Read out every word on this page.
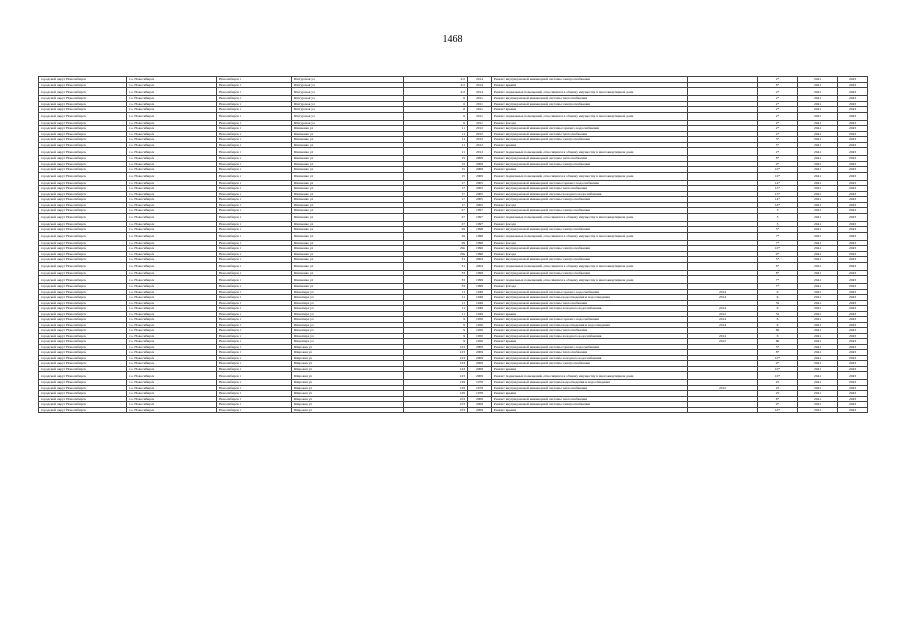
1468
городской округ Новосибирск	г.о. Новосибирск	Новосибирск г	Шатурская ул	2/2	2014	Ремонт внутридомовой инженерной системы электроснабжения		2*	2041	2043
городской округ Новосибирск	г.о. Новосибирск	Новосибирск г	Шатурская ул	2/2	2014	Ремонт крыши		6*	2041	2043
городской округ Новосибирск	г.о. Новосибирск	Новосибирск г	Шатурская ул	2/2	2014	Ремонт подвальных помещений, относящихся к общему имуществу в многоквартирном доме		4*	2041	2043
городской округ Новосибирск	г.о. Новосибирск	Новосибирск г	Шатурская ул	6	2011	Ремонт внутридомовой инженерной системы теплоснабжения		2*	2041	2043
городской округ Новосибирск	г.о. Новосибирск	Новосибирск г	Шатурская ул	6	2011	Ремонт внутридомовой инженерной системы электроснабжения		2*	2041	2043
городской округ Новосибирск	г.о. Новосибирск	Новосибирск г	Шатурская ул	6	2011	Ремонт крыши		2*	2041	2043
городской округ Новосибирск	г.о. Новосибирск	Новосибирск г	Шатурская ул	6	2011	Ремонт подвальных помещений, относящихся к общему имуществу в многоквартирном доме		2*	2041	2043
городской округ Новосибирск	г.о. Новосибирск	Новосибирск г	Шатурская ул	6	2011	Ремонт фасада		2*	2041	2043
городской округ Новосибирск	г.о. Новосибирск	Новосибирск г	Шевченко ул	11	2012	Ремонт внутридомовой инженерной системы горячего водоснабжения		2*	2041	2043
городской округ Новосибирск	г.о. Новосибирск	Новосибирск г	Шевченко ул	11	2012	Ремонт внутридомовой инженерной системы теплоснабжения		4*	2041	2043
городской округ Новосибирск	г.о. Новосибирск	Новосибирск г	Шевченко ул	11	2012	Ремонт внутридомовой инженерной системы электроснабжения		3*	2041	2043
городской округ Новосибирск	г.о. Новосибирск	Новосибирск г	Шевченко ул	11	2012	Ремонт крыши		5*	2041	2043
городской округ Новосибирск	г.о. Новосибирск	Новосибирск г	Шевченко ул	11	2012	Ремонт подвальных помещений, относящихся к общему имуществу в многоквартирном доме		2*	2041	2043
городской округ Новосибирск	г.о. Новосибирск	Новосибирск г	Шевченко ул	15	2009	Ремонт внутридомовой инженерной системы теплоснабжения		8*	2041	2043
городской округ Новосибирск	г.о. Новосибирск	Новосибирск г	Шевченко ул	15	2009	Ремонт внутридомовой инженерной системы электроснабжения		9*	2041	2043
городской округ Новосибирск	г.о. Новосибирск	Новосибирск г	Шевченко ул	15	2009	Ремонт крыши		10*	2041	2043
городской округ Новосибирск	г.о. Новосибирск	Новосибирск г	Шевченко ул	15	2009	Ремонт подвальных помещений, относящихся к общему имуществу в многоквартирном доме		10*	2041	2043
городской округ Новосибирск	г.о. Новосибирск	Новосибирск г	Шевченко ул	17	2005	Ремонт внутридомовой инженерной системы горячего водоснабжения		14*	2041	2043
городской округ Новосибирск	г.о. Новосибирск	Новосибирск г	Шевченко ул	17	2005	Ремонт внутридомовой инженерной системы теплоснабжения		15*	2041	2043
городской округ Новосибирск	г.о. Новосибирск	Новосибирск г	Шевченко ул	17	2005	Ремонт внутридомовой инженерной системы холодного водоснабжения		15*	2041	2043
городской округ Новосибирск	г.о. Новосибирск	Новосибирск г	Шевченко ул	17	2005	Ремонт внутридомовой инженерной системы электроснабжения		14*	2041	2043
городской округ Новосибирск	г.о. Новосибирск	Новосибирск г	Шевченко ул	17	2005	Ремонт фасада		16*	2041	2043
городской округ Новосибирск	г.о. Новосибирск	Новосибирск г	Шевченко ул	27	1997	Ремонт внутридомовой инженерной системы электроснабжения		3	2041	2043
городской округ Новосибирск	г.о. Новосибирск	Новосибирск г	Шевченко ул	27	1997	Ремонт подвальных помещений, относящихся к общему имуществу в многоквартирном доме		3	2041	2043
городской округ Новосибирск	г.о. Новосибирск	Новосибирск г	Шевченко ул	27	1997	Ремонт фасада		3	2041	2043
городской округ Новосибирск	г.о. Новосибирск	Новосибирск г	Шевченко ул	29	1998	Ремонт внутридомовой инженерной системы электроснабжения		5*	2041	2043
городской округ Новосибирск	г.о. Новосибирск	Новосибирск г	Шевченко ул	29	1998	Ремонт подвальных помещений, относящихся к общему имуществу в многоквартирном доме		7*	2041	2043
городской округ Новосибирск	г.о. Новосибирск	Новосибирск г	Шевченко ул	29	1998	Ремонт фасада		7*	2041	2043
городской округ Новосибирск	г.о. Новосибирск	Новосибирск г	Шевченко ул	29а	1996	Ремонт внутридомовой инженерной системы электроснабжения		10*	2041	2043
городской округ Новосибирск	г.о. Новосибирск	Новосибирск г	Шевченко ул	29а	1996	Ремонт фасада		9*	2041	2043
городской округ Новосибирск	г.о. Новосибирск	Новосибирск г	Шевченко ул	31	2004	Ремонт внутридомовой инженерной системы электроснабжения		5*	2041	2043
городской округ Новосибирск	г.о. Новосибирск	Новосибирск г	Шевченко ул	31	2004	Ремонт подвальных помещений, относящихся к общему имуществу в многоквартирном доме		6*	2041	2043
городской округ Новосибирск	г.о. Новосибирск	Новосибирск г	Шевченко ул	33	1999	Ремонт внутридомовой инженерной системы электроснабжения		8*	2041	2043
городской округ Новосибирск	г.о. Новосибирск	Новосибирск г	Шевченко ул	33	1999	Ремонт подвальных помещений, относящихся к общему имуществу в многоквартирном доме		7*	2041	2043
городской округ Новосибирск	г.о. Новосибирск	Новосибирск г	Шевченко ул	33	1999	Ремонт фасада		7*	2041	2043
городской округ Новосибирск	г.о. Новосибирск	Новосибирск г	Шекспира ул	11	1949	Ремонт внутридомовой инженерной системы горячего водоснабжения	2014	6	2041	2043
городской округ Новосибирск	г.о. Новосибирск	Новосибирск г	Шекспира ул	11	1949	Ремонт внутридомовой инженерной системы водоотведения и водоотведения	2014	6	2041	2043
городской округ Новосибирск	г.о. Новосибирск	Новосибирск г	Шекспира ул	11	1949	Ремонт внутридомовой инженерной системы теплоснабжения		52	2041	2043
городской округ Новосибирск	г.о. Новосибирск	Новосибирск г	Шекспира ул	11	1949	Ремонт внутридомовой инженерной системы холодного водоснабжения	2014	6	2041	2043
городской округ Новосибирск	г.о. Новосибирск	Новосибирск г	Шекспира ул	11	1949	Ремонт крыши	2012	52	2041	2043
городской округ Новосибирск	г.о. Новосибирск	Новосибирск г	Шекспира ул	9	1950	Ремонт внутридомовой инженерной системы горячего водоснабжения	2014	6	2041	2043
городской округ Новосибирск	г.о. Новосибирск	Новосибирск г	Шекспира ул	9	1950	Ремонт внутридомовой инженерной системы водоотведения и водоотведения	2014	6	2041	2043
городской округ Новосибирск	г.о. Новосибирск	Новосибирск г	Шекспира ул	9	1950	Ремонт внутридомовой инженерной системы теплоснабжения		60	2041	2043
городской округ Новосибирск	г.о. Новосибирск	Новосибирск г	Шекспира ул	9	1950	Ремонт внутридомовой инженерной системы холодного водоснабжения	2014	6	2041	2043
городской округ Новосибирск	г.о. Новосибирск	Новосибирск г	Шекспира ул	9	1950	Ремонт крыши	2012	60	2041	2043
городской округ Новосибирск	г.о. Новосибирск	Новосибирск г	Широкая ул	123	2009	Ремонт внутридомовой инженерной системы горячего водоснабжения		5*	2041	2043
городской округ Новосибирск	г.о. Новосибирск	Новосибирск г	Широкая ул	123	2009	Ремонт внутридомовой инженерной системы теплоснабжения		8*	2041	2043
городской округ Новосибирск	г.о. Новосибирск	Новосибирск г	Широкая ул	123	2009	Ремонт внутридомовой инженерной системы холодного водоснабжения		10*	2041	2043
городской округ Новосибирск	г.о. Новосибирск	Новосибирск г	Широкая ул	123	2009	Ремонт внутридомовой инженерной системы электроснабжения		9*	2041	2043
городской округ Новосибирск	г.о. Новосибирск	Новосибирск г	Широкая ул	123	2009	Ремонт крыши		10*	2041	2043
городской округ Новосибирск	г.о. Новосибирск	Новосибирск г	Широкая ул	123	2009	Ремонт подвальных помещений, относящихся к общему имуществу в многоквартирном доме		10*	2041	2043
городской округ Новосибирск	г.о. Новосибирск	Новосибирск г	Широкая ул	129	1978	Ремонт внутридомовой инженерной системы водоотведения и водоотведения		25	2041	2043
городской округ Новосибирск	г.о. Новосибирск	Новосибирск г	Широкая ул	129	1978	Ремонт внутридомовой инженерной системы теплоснабжения	2012	25	2041	2043
городской округ Новосибирск	г.о. Новосибирск	Новосибирск г	Широкая ул	129	1978	Ремонт крыши		25	2041	2043
городской округ Новосибирск	г.о. Новосибирск	Новосибирск г	Широкая ул	1б3	2009	Ремонт внутридомовой инженерной системы теплоснабжения		8*	2041	2043
городской округ Новосибирск	г.о. Новосибирск	Новосибирск г	Широкая ул	1б3	2009	Ремонт внутридомовой инженерной системы электроснабжения		9*	2041	2043
городской округ Новосибирск	г.о. Новосибирск	Новосибирск г	Широкая ул	1б3	2009	Ремонт крыши		10*	2041	2043
